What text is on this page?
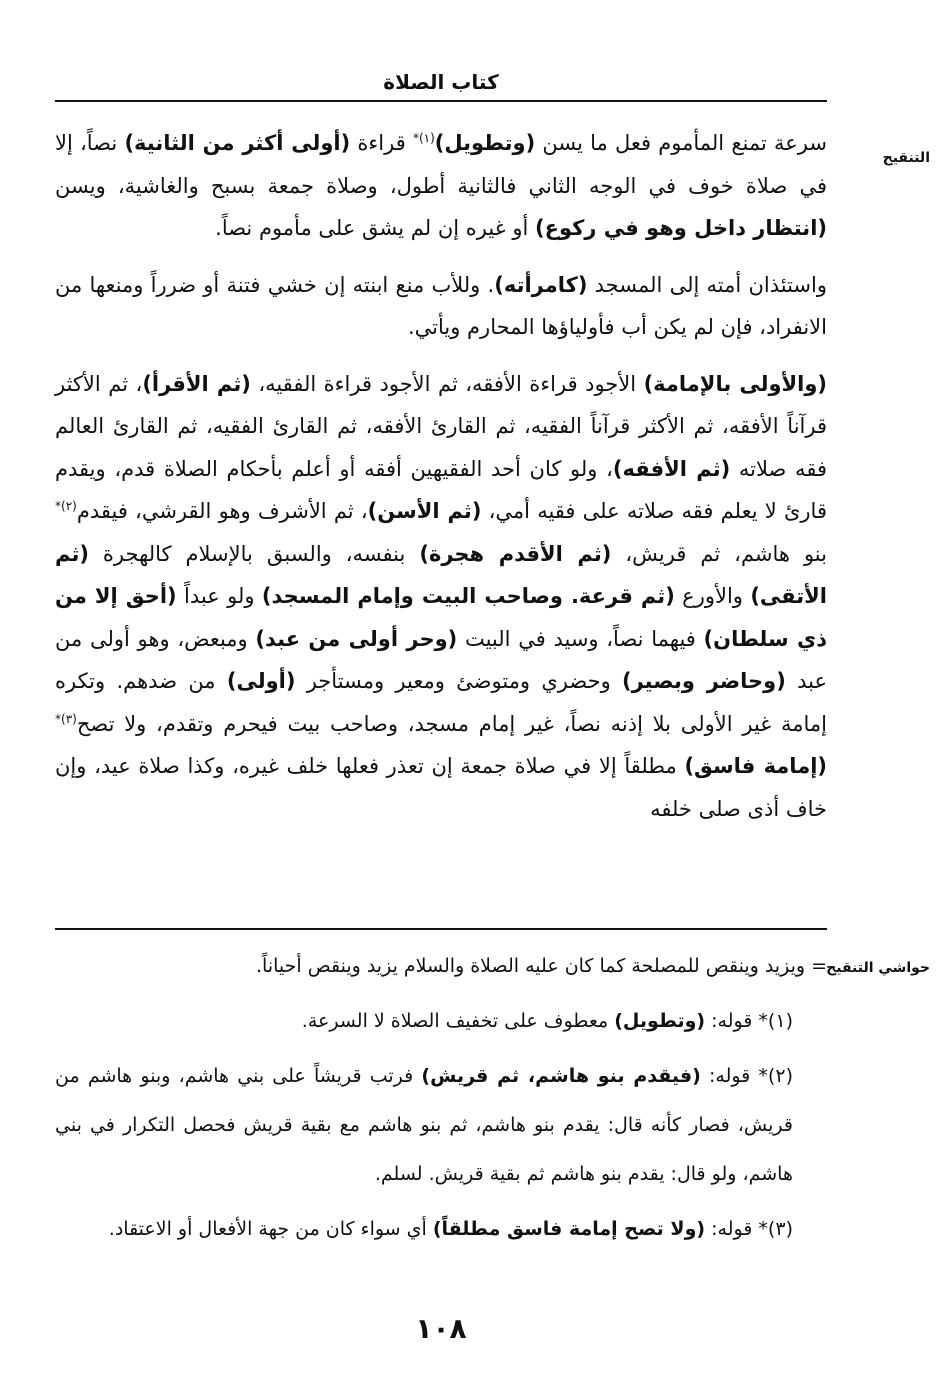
كتاب الصلاة
التنقيح

سرعة تمنع المأموم فعل ما يسن (وتطويل)$^{(١)*}$ قراءة (أولى أكثر من الثانية) نصاً، إلا في صلاة خوف في الوجه الثاني فالثانية أطول، وصلاة جمعة بسبح والغاشية، ويسن (انتظار داخل وهو في ركوع) أو غيره إن لم يشق على مأموم نصاً.

واستئذان أمته إلى المسجد (كامرأته). وللأب منع ابنته إن خشي فتنة أو ضرراً ومنعها من الانفراد، فإن لم يكن أب فأولياؤها المحارم ويأتي.

(والأولى بالإمامة) الأجود قراءة الأفقه، ثم الأجود قراءة الفقيه، (ثم الأقرأ)، ثم الأكثر قرآناً الأفقه، ثم الأكثر قرآناً الفقيه، ثم القارئ الأفقه، ثم القارئ الفقيه، ثم القارئ العالم فقه صلاته (ثم الأفقه)، ولو كان أحد الفقيهين أفقه أو أعلم بأحكام الصلاة قدم، ويقدم قارئ لا يعلم فقه صلاته على فقيه أمي، (ثم الأسن)، ثم الأشرف وهو القرشي، فيقدم$^{(٢)*}$ بنو هاشم، ثم قريش، (ثم الأقدم هجرة) بنفسه، والسبق بالإسلام كالهجرة (ثم الأتقى) والأورع (ثم قرعة. وصاحب البيت وإمام المسجد) ولو عبداً (أحق إلا من ذي سلطان) فيهما نصاً، وسيد في البيت (وحر أولى من عبد) ومبعض، وهو أولى من عبد (وحاضر وبصير) وحضري ومتوضئ ومعير ومستأجر (أولى) من ضدهم. وتكره إمامة غير الأولى بلا إذنه نصاً، غير إمام مسجد، وصاحب بيت فيحرم وتقدم، ولا تصح$^{(٣)*}$ (إمامة فاسق) مطلقاً إلا في صلاة جمعة إن تعذر فعلها خلف غيره، وكذا صلاة عيد، وإن خاف أذى صلى خلفه

حواشي التنقيح

= ويزيد وينقص للمصلحة كما كان عليه الصلاة والسلام يزيد وينقص أحياناً.

(١)* قوله: (وتطويل) معطوف على تخفيف الصلاة لا السرعة.

(٢)* قوله: (فيقدم بنو هاشم، ثم قريش) فرتب قريشاً على بني هاشم، وبنو هاشم من قريش، فصار كأنه قال: يقدم بنو هاشم، ثم بنو هاشم مع بقية قريش فحصل التكرار في بني هاشم، ولو قال: يقدم بنو هاشم ثم بقية قريش. لسلم.

(٣)* قوله: (ولا تصح إمامة فاسق مطلقاً) أي سواء كان من جهة الأفعال أو الاعتقاد.

١٠٨
